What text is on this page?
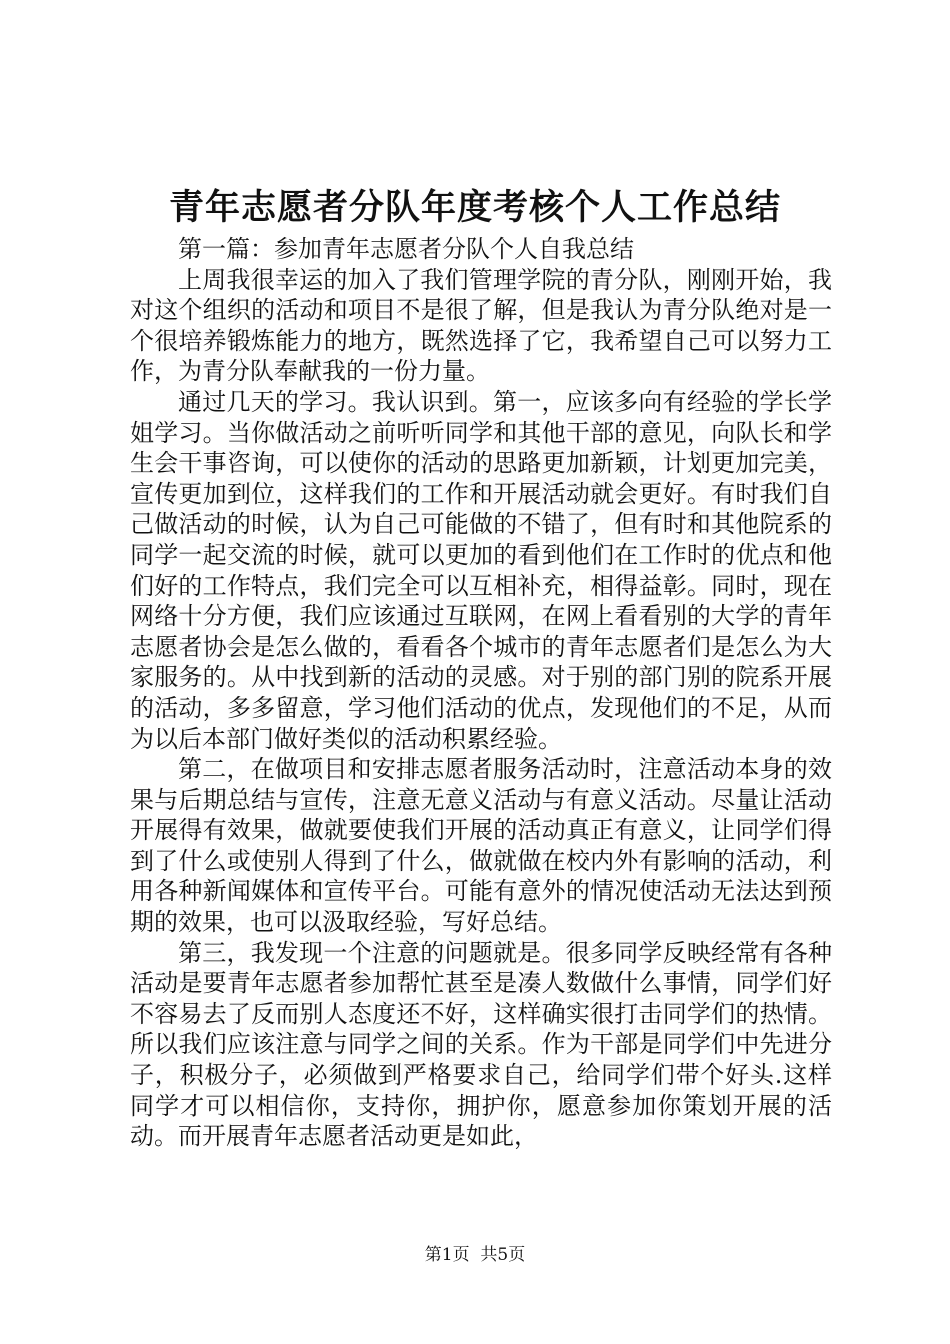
青年志愿者分队年度考核个人工作总结

第一篇：参加青年志愿者分队个人自我总结

上周我很幸运的加入了我们管理学院的青分队，刚刚开始，我对这个组织的活动和项目不是很了解，但是我认为青分队绝对是一个很培养锻炼能力的地方，既然选择了它，我希望自己可以努力工作，为青分队奉献我的一份力量。

通过几天的学习。我认识到。第一，应该多向有经验的学长学姐学习。当你做活动之前听听同学和其他干部的意见，向队长和学生会干事咨询，可以使你的活动的思路更加新颖，计划更加完美，宣传更加到位，这样我们的工作和开展活动就会更好。有时我们自己做活动的时候，认为自己可能做的不错了，但有时和其他院系的同学一起交流的时候，就可以更加的看到他们在工作时的优点和他们好的工作特点，我们完全可以互相补充，相得益彰。同时，现在网络十分方便，我们应该通过互联网，在网上看看别的大学的青年志愿者协会是怎么做的，看看各个城市的青年志愿者们是怎么为大家服务的。从中找到新的活动的灵感。对于别的部门别的院系开展的活动，多多留意，学习他们活动的优点，发现他们的不足，从而为以后本部门做好类似的活动积累经验。

第二，在做项目和安排志愿者服务活动时，注意活动本身的效果与后期总结与宣传，注意无意义活动与有意义活动。尽量让活动开展得有效果，做就要使我们开展的活动真正有意义，让同学们得到了什么或使别人得到了什么，做就做在校内外有影响的活动，利用各种新闻媒体和宣传平台。可能有意外的情况使活动无法达到预期的效果，也可以汲取经验，写好总结。

第三，我发现一个注意的问题就是。很多同学反映经常有各种活动是要青年志愿者参加帮忙甚至是凑人数做什么事情，同学们好不容易去了反而别人态度还不好，这样确实很打击同学们的热情。所以我们应该注意与同学之间的关系。作为干部是同学们中先进分子，积极分子，必须做到严格要求自己，给同学们带个好头.这样同学才可以相信你，支持你，拥护你，愿意参加你策划开展的活动。而开展青年志愿者活动更是如此，

第1页 共5页
